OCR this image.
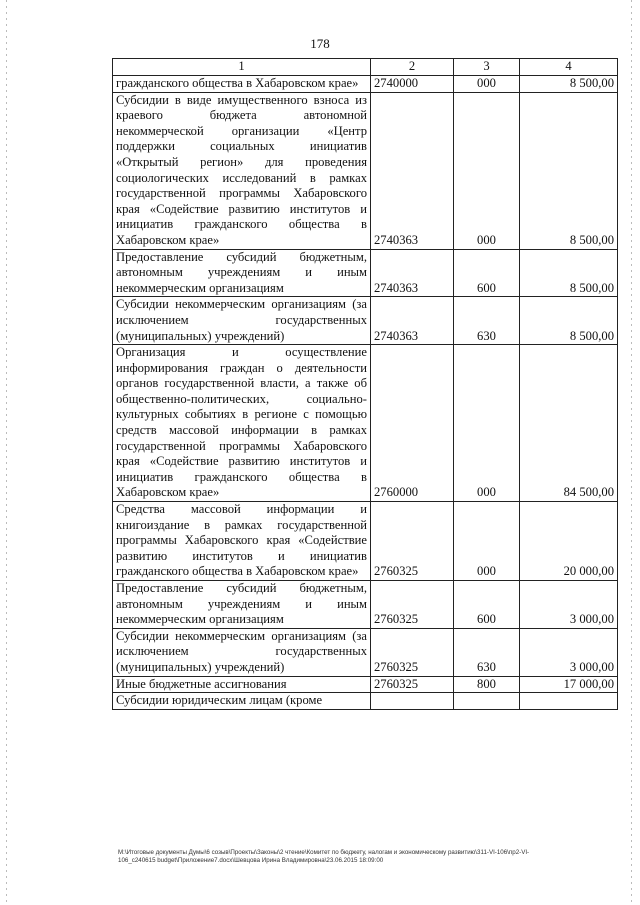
178
1	2	3	4
гражданского общества в Хабаровском крае»	2740000	000	8 500,00
Субсидии в виде имущественного взноса из краевого бюджета автономной некоммерческой организации «Центр поддержки социальных инициатив «Открытый регион» для проведения социологических исследований в рамках государственной программы Хабаровского края «Содействие развитию институтов и инициатив гражданского общества в Хабаровском крае»	2740363	000	8 500,00
Предоставление субсидий бюджетным, автономным учреждениям и иным некоммерческим организациям	2740363	600	8 500,00
Субсидии некоммерческим организациям (за исключением государственных (муниципальных) учреждений)	2740363	630	8 500,00
Организация и осуществление информирования граждан о деятельности органов государственной власти, а также об общественно-политических, социально-культурных событиях в регионе с помощью средств массовой информации в рамках государственной программы Хабаровского края «Содействие развитию институтов и инициатив гражданского общества в Хабаровском крае»	2760000	000	84 500,00
Средства массовой информации и книгоиздание в рамках государственной программы Хабаровского края «Содействие развитию институтов и инициатив гражданского общества в Хабаровском крае»	2760325	000	20 000,00
Предоставление субсидий бюджетным, автономным учреждениям и иным некоммерческим организациям	2760325	600	3 000,00
Субсидии некоммерческим организациям (за исключением государственных (муниципальных) учреждений)	2760325	630	3 000,00
Иные бюджетные ассигнования	2760325	800	17 000,00
Субсидии юридическим лицам (кроме			
M:\Итоговые документы Думы\6 созыв\Проекты\Законы\2 чтение\Комитет по бюджету, налогам и экономическому развитию\311-VI-106\пр2-VI-
106_с240615 budget\Приложение7.docx\Шевцова Ирина Владимировна\23.06.2015 18:09:00
